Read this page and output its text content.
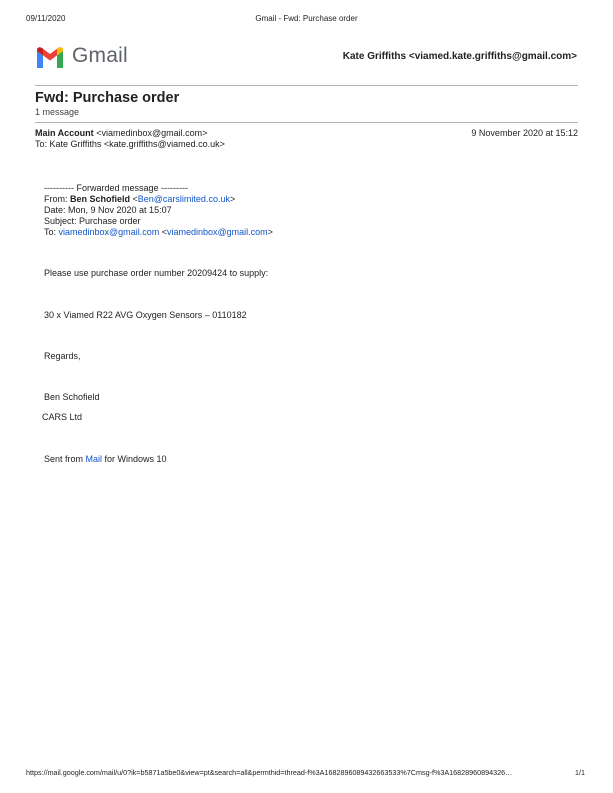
09/11/2020	Gmail - Fwd: Purchase order
Gmail	Kate Griffiths <viamed.kate.griffiths@gmail.com>
Fwd: Purchase order
1 message
Main Account <viamedinbox@gmail.com>	9 November 2020 at 15:12
To: Kate Griffiths <kate.griffiths@viamed.co.uk>
---------- Forwarded message ---------
From: Ben Schofield <Ben@carslimited.co.uk>
Date: Mon, 9 Nov 2020 at 15:07
Subject: Purchase order
To: viamedinbox@gmail.com <viamedinbox@gmail.com>
Please use purchase order number 20209424 to supply:
30 x Viamed R22 AVG Oxygen Sensors – 0110182
Regards,
Ben Schofield
CARS Ltd
Sent from Mail for Windows 10
https://mail.google.com/mail/u/0?ik=b5871a5be0&view=pt&search=all&permthid=thread-f%3A1682896089432663533%7Cmsg-f%3A16828960894326…	1/1
